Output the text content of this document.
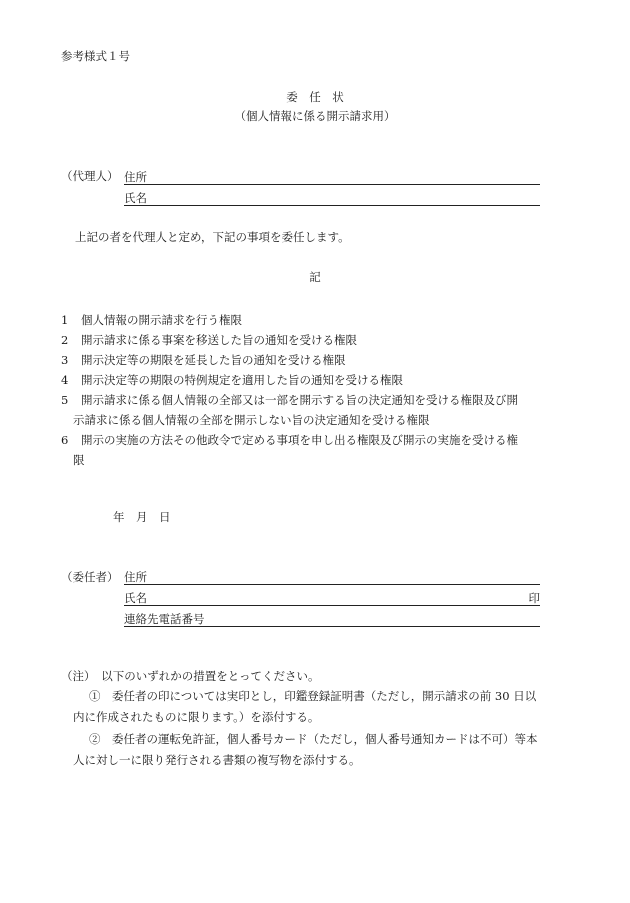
参考様式１号
委　任　状
（個人情報に係る開示請求用）
（代理人） 住所
氏名
上記の者を代理人と定め，下記の事項を委任します。
記
1 個人情報の開示請求を行う権限
2 開示請求に係る事案を移送した旨の通知を受ける権限
3 開示決定等の期限を延長した旨の通知を受ける権限
4 開示決定等の期限の特例規定を適用した旨の通知を受ける権限
5 開示請求に係る個人情報の全部又は一部を開示する旨の決定通知を受ける権限及び開
示請求に係る個人情報の全部を開示しない旨の決定通知を受ける権限
6 開示の実施の方法その他政令で定める事項を申し出る権限及び開示の実施を受ける権
限
年　月　日
（委任者） 住所
氏名	印
連絡先電話番号
（注）　以下のいずれかの措置をとってください。
①　委任者の印については実印とし，印鑑登録証明書（ただし，開示請求の前 30 日以
内に作成されたものに限ります。）を添付する。
②　委任者の運転免許証，個人番号カード（ただし，個人番号通知カードは不可）等本
人に対し一に限り発行される書類の複写物を添付する。
